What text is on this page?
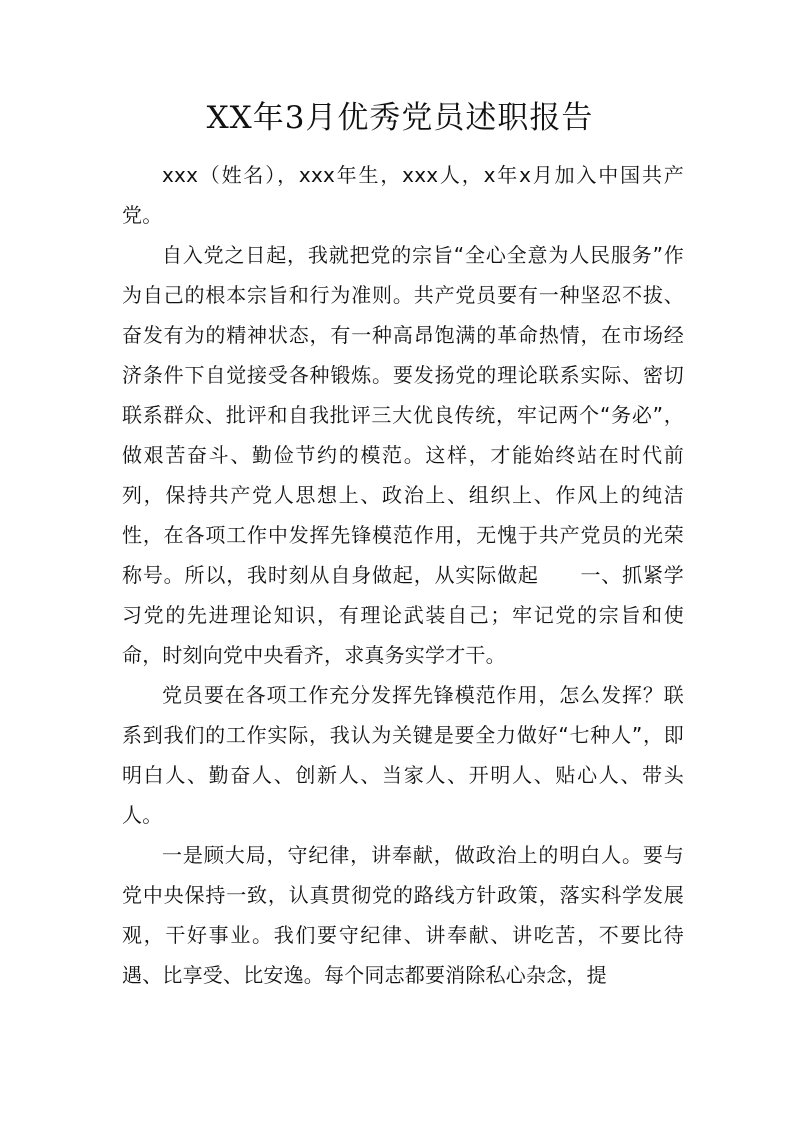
XX年3月优秀党员述职报告

xxx（姓名），xxx年生，xxx人，x年x月加入中国共产党。

自入党之日起，我就把党的宗旨“全心全意为人民服务”作为自己的根本宗旨和行为准则。共产党员要有一种坚忍不拔、奋发有为的精神状态，有一种高昂饱满的革命热情，在市场经济条件下自觉接受各种锻炼。要发扬党的理论联系实际、密切联系群众、批评和自我批评三大优良传统，牢记两个“务必”，做艰苦奋斗、勤俭节约的模范。这样，才能始终站在时代前列，保持共产党人思想上、政治上、组织上、作风上的纯洁性，在各项工作中发挥先锋模范作用，无愧于共产党员的光荣称号。所以，我时刻从自身做起，从实际做起　　一、抓紧学习党的先进理论知识，有理论武装自己；牢记党的宗旨和使命，时刻向党中央看齐，求真务实学才干。

党员要在各项工作充分发挥先锋模范作用，怎么发挥？联系到我们的工作实际，我认为关键是要全力做好“七种人”，即明白人、勤奋人、创新人、当家人、开明人、贴心人、带头人。

一是顾大局，守纪律，讲奉献，做政治上的明白人。要与党中央保持一致，认真贯彻党的路线方针政策，落实科学发展观，干好事业。我们要守纪律、讲奉献、讲吃苦，不要比待遇、比享受、比安逸。每个同志都要消除私心杂念，提
